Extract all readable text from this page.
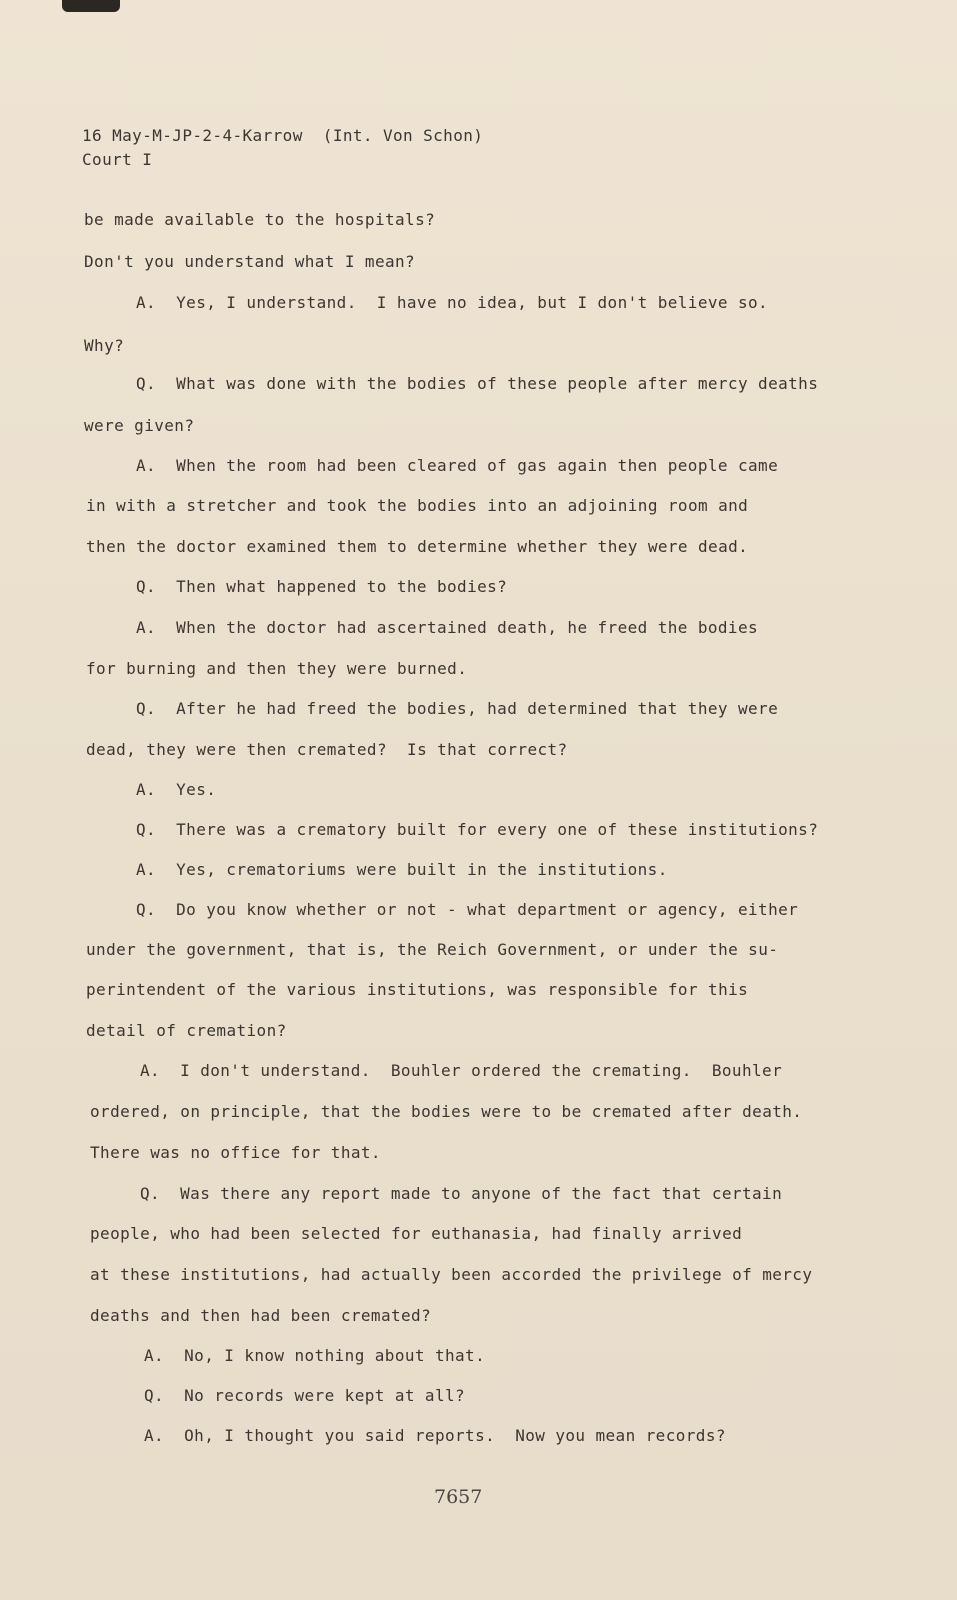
16 May-M-JP-2-4-Karrow  (Int. Von Schon)
Court I
be made available to the hospitals?
Don't you understand what I mean?
A.  Yes, I understand.  I have no idea, but I don't believe so.
Why?
Q.  What was done with the bodies of these people after mercy deaths
were given?
A.  When the room had been cleared of gas again then people came
in with a stretcher and took the bodies into an adjoining room and
then the doctor examined them to determine whether they were dead.
Q.  Then what happened to the bodies?
A.  When the doctor had ascertained death, he freed the bodies
for burning and then they were burned.
Q.  After he had freed the bodies, had determined that they were
dead, they were then cremated?  Is that correct?
A.  Yes.
Q.  There was a crematory built for every one of these institutions?
A.  Yes, crematoriums were built in the institutions.
Q.  Do you know whether or not - what department or agency, either
under the government, that is, the Reich Government, or under the su-
perintendent of the various institutions, was responsible for this
detail of cremation?
A.  I don't understand.  Bouhler ordered the cremating.  Bouhler
ordered, on principle, that the bodies were to be cremated after death.
There was no office for that.
Q.  Was there any report made to anyone of the fact that certain
people, who had been selected for euthanasia, had finally arrived
at these institutions, had actually been accorded the privilege of mercy
deaths and then had been cremated?
A.  No, I know nothing about that.
Q.  No records were kept at all?
A.  Oh, I thought you said reports.  Now you mean records?
7657
